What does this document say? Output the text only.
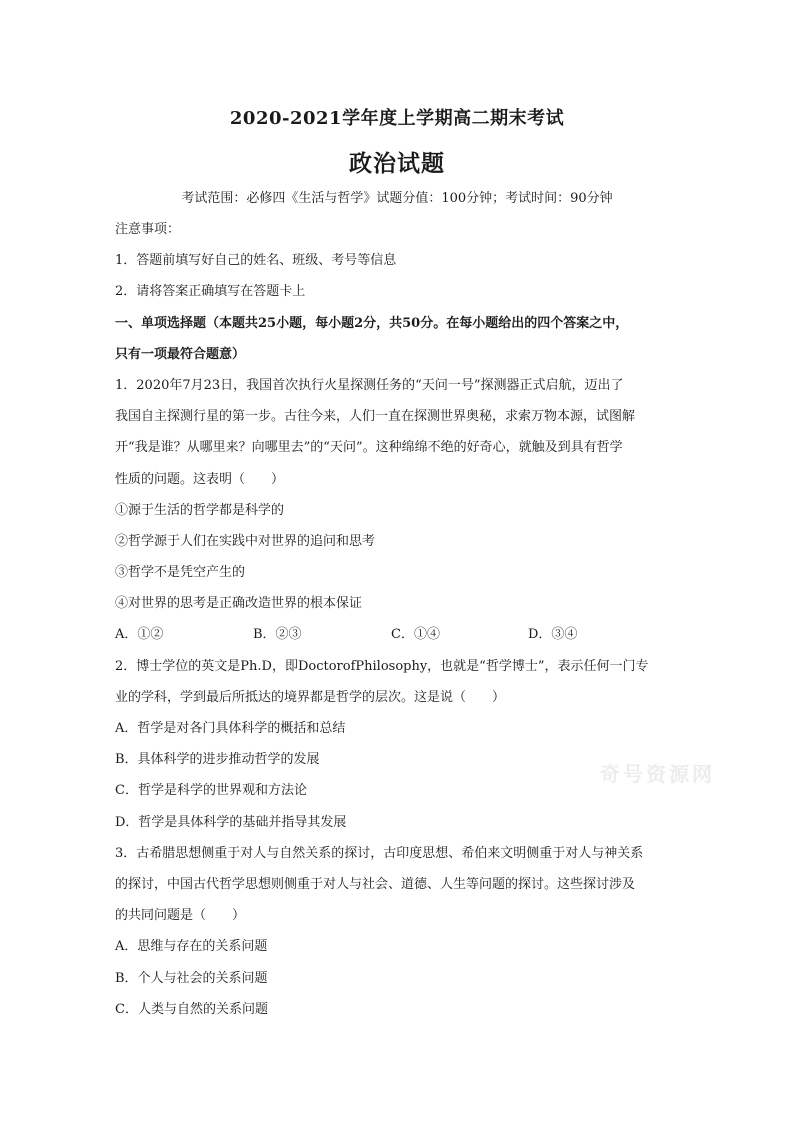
2020-2021学年度上学期高二期末考试
政治试题
考试范围：必修四《生活与哲学》试题分值：100分钟；考试时间：90分钟
注意事项：
1．答题前填写好自己的姓名、班级、考号等信息
2．请将答案正确填写在答题卡上
一、单项选择题（本题共25小题，每小题2分，共50分。在每小题给出的四个答案之中，
只有一项最符合题意）
1．2020年7月23日，我国首次执行火星探测任务的“天问一号”探测器正式启航，迈出了
我国自主探测行星的第一步。古往今来，人们一直在探测世界奥秘，求索万物本源，试图解
开“我是谁？从哪里来？向哪里去”的“天问”。这种绵绵不绝的好奇心，就触及到具有哲学
性质的问题。这表明（　　）
①源于生活的哲学都是科学的
②哲学源于人们在实践中对世界的追问和思考
③哲学不是凭空产生的
④对世界的思考是正确改造世界的根本保证
A．①②	B．②③	C．①④	D．③④
2．博士学位的英文是Ph.D，即DoctorofPhilosophy，也就是“哲学博士”，表示任何一门专
业的学科，学到最后所抵达的境界都是哲学的层次。这是说（　　）
A．哲学是对各门具体科学的概括和总结
B．具体科学的进步推动哲学的发展
C．哲学是科学的世界观和方法论
D．哲学是具体科学的基础并指导其发展
3．古希腊思想侧重于对人与自然关系的探讨，古印度思想、希伯来文明侧重于对人与神关系
的探讨，中国古代哲学思想则侧重于对人与社会、道德、人生等问题的探讨。这些探讨涉及
的共同问题是（　　）
A．思维与存在的关系问题
B．个人与社会的关系问题
C．人类与自然的关系问题
奇号资源网
